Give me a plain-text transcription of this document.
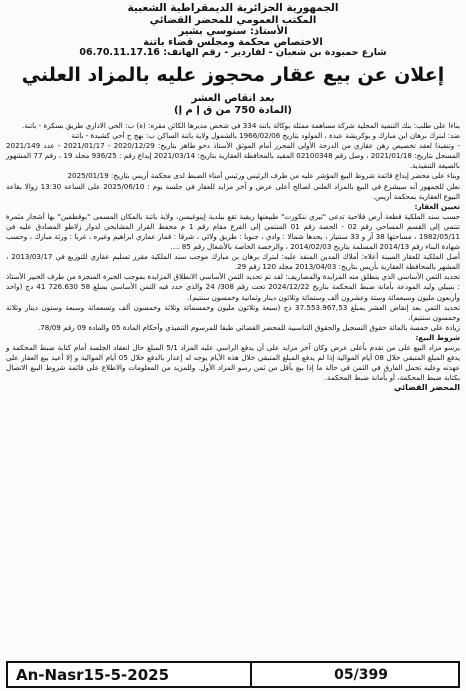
الجمهورية الجزائرية الديمقراطية الشعبية
المكتب العمومي للمحضر القضائي
الأستاذ: سنوسي بشير
الاختصاص محكمة ومجلس قضاء باتنة
شارع حمبودة بن شعبان - لفاردير - رقم الهاتف: 06.70.11.17.16
إعلان عن بيع عقار محجوز عليه بالمزاد العلني
بعد انقاص العشر
(المادة 750 من ق إ م إ)

بناءا على طلب: بنك التنمية المحلية شركة مساهمة ممثلة بوكالة باتنة 334 في شخص مديرها الكائن مقره: (ة) ب: الحي الاداري طريق بسكرة - باتنة.

ضد: لبترك برهان ابن مبارك و بوكريشة عيدة ، المولود بتاريخ 1966/02/06 بالشمول ولاية باتنة الساكن ب: نهج ح أحي كشيدة - باتنة

- وتنفيذا لعقد تخصيص رهن عقاري من الدرجة الأولى المحرر أمام الموثق الأستاذ دخو طاهر بتاريخ: 2020/12/29 - 2021/01/17 - عدد 2021/149 المسجل بتاريخ: 2021/01/18 ، وصل رقم 02100348 المقيد بالمحافظة العقارية بتاريخ: 2021/03/14 إيداع رقم : 936/25 مجلد 19 ، رقم 77 المشهور بالصيغة التنفيذية.

وبناء على محضر إيداع قائمة شروط البيع المؤشر عليه من طرف الرئيس ورئيس أمناء الضبط لدى محكمة أريس بتاريخ: 2025/01/19

نعلن للجمهور أنه سيشرع في البيع بالمزاد العلني لصالح أعلى عرض و آخر مزايد للعقار في جلسة يوم : 2025/06/10 على الساعة 13:30 زوالا بقاعة البيوع العقارية بمحكمة أريس.

تعيين العقار:

حسب سند الملكية قطعة أرض فلاحية تدعى "تيزي ننكورت" طبيعتها ريفية تقع ببلدية إينوغيسن، ولاية باتنة بالمكان المسمى "بوقطفين" بها أشجار مثمرة تنتمي إلى القسم المساحي رقم 02 - الحصة رقم 01 المنتمي إلى الفرع مقام رقم 1 م محفظ القرار المشايخي لدوار زلاطو المصادق عليه في 1982/05/11 ، مساحتها 38 آر و 33 سنتيار ، يحدها شمالا : وادي ، جنوبا : طريق ولائي ، شرقا : قمار عماري ابراهيم وغيره ، غربا : ورثة مبارك ، وحسب شهادة البناء رقم 2014/13 المسلمة بتاريخ 2014/02/03 ، والرخصة الخاصة بالأشغال رقم 85 ....

أصل الملكية للعقار المبينة أعلاه: أملاك المدين المنفذ عليه: لبترك برهان بن مبارك موجب سند الملكية مقرر تسليم عقاري للتوزيع في 2013/03/17 ، المشهر بالمحافظة العقارية بأريس بتاريخ: 2013/04/03 مجلد 120 رقم 29.

تحديد الثمن الأساسي الذي ينطلق منه المزايدة والمصاريف: لقد تم تحديد الثمن الأساسي الانطلاق المزايدة بموجب الخبرة المنجزة من طرف الخبير الأستاذ : بنبيلي وليد المودعة بأمانة ضبط المحكمة بتاريخ 2024/12/22 تحت رقم 308/ 24 والذي حدد فيه الثمن الأساسي بمبلغ 58 726.630 41 دج (واحد وأربعون مليون وسبعمائة وستة وعشرون ألف وستمائة وثلاثون دينار وثمانية وخمسون سنتيم).

تحديد الثمن بعد إنقاص العشر بمبلغ 37.553.967,53 دج (سبعة وثلاثون مليون وخمسمائة وثلاثة وخمسون ألف وتسعمائة وسبعة وستون دينار وثلاثة وخمسون سنتيم).

زيادة على خمسة بالمائة حقوق التسجيل والحقوق التناسبية للمحضر القضائي طبقا للمرسوم التنفيذي وأحكام المادة 05 والمادة 09 رقم 78/09.

شروط البيع:

يرسو مزاد البيع على من تقدم بأعلى عرض وكان آخر مزايد على أن يدفع الراسي عليه المزاد 5/1 المبلغ حال انعقاد الجلسة أمام كتابة ضبط المحكمة و يدفع المبلغ المتبقي خلال 08 أيام الموالية إذا لم يدفع المبلغ المتبقي خلال هذه الأيام يوجه له إعذار بالدفع خلال 05 أيام الموالية و إلا أعيد بيع العقار على عهدته وعليه تحمل الفارق في الثمن في حالة ما إذا بيع بأقل من ثمن رسو المزاد الأول. وللمزيد من المعلومات والاطلاع على قائمة شروط البيع الاتصال بكتابة ضبط المحكمة، أو بأمانة ضبط المحكمة.

المحضر القضائي

An-Nasr15-5-2025	05/399
